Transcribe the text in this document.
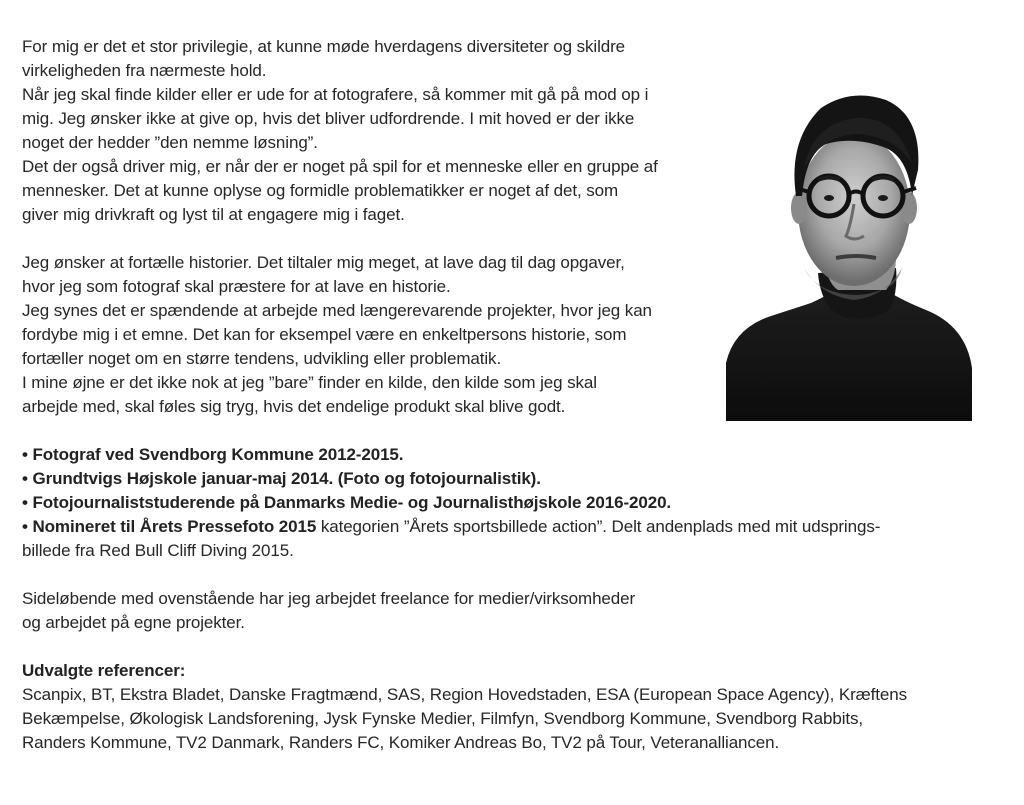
For mig er det et stor privilegie, at kunne møde hverdagens diversiteter og skildre
virkeligheden fra nærmeste hold.

Når jeg skal finde kilder eller er ude for at fotografere, så kommer mit gå på mod op i
mig. Jeg ønsker ikke at give op, hvis det bliver udfordrende. I mit hoved er der ikke
noget der hedder ”den nemme løsning”.

Det der også driver mig, er når der er noget på spil for et menneske eller en gruppe af
mennesker. Det at kunne oplyse og formidle problematikker er noget af det, som
giver mig drivkraft og lyst til at engagere mig i faget.

Jeg ønsker at fortælle historier. Det tiltaler mig meget, at lave dag til dag opgaver,
hvor jeg som fotograf skal præstere for at lave en historie.

Jeg synes det er spændende at arbejde med længerevarende projekter, hvor jeg kan
fordybe mig i et emne. Det kan for eksempel være en enkeltpersons historie, som
fortæller noget om en større tendens, udvikling eller problematik.

I mine øjne er det ikke nok at jeg ”bare” finder en kilde, den kilde som jeg skal
arbejde med, skal føles sig tryg, hvis det endelige produkt skal blive godt.

• Fotograf ved Svendborg Kommune 2012-2015.
• Grundtvigs Højskole januar-maj 2014. (Foto og fotojournalistik).
• Fotojournaliststuderende på Danmarks Medie- og Journalisthøjskole 2016-2020.
• Nomineret til Årets Pressefoto 2015 kategorien ”Årets sportsbillede action”. Delt andenplads med mit udsprings-
billede fra Red Bull Cliff Diving 2015.
Sideløbende med ovenstående har jeg arbejdet freelance for medier/virksomheder
og arbejdet på egne projekter.
Udvalgte referencer:
Scanpix, BT, Ekstra Bladet, Danske Fragtmænd, SAS, Region Hovedstaden, ESA (European Space Agency), Kræftens
Bekæmpelse, Økologisk Landsforening, Jysk Fynske Medier, Filmfyn, Svendborg Kommune, Svendborg Rabbits,
Randers Kommune, TV2 Danmark, Randers FC, Komiker Andreas Bo, TV2 på Tour, Veteranalliancen.
